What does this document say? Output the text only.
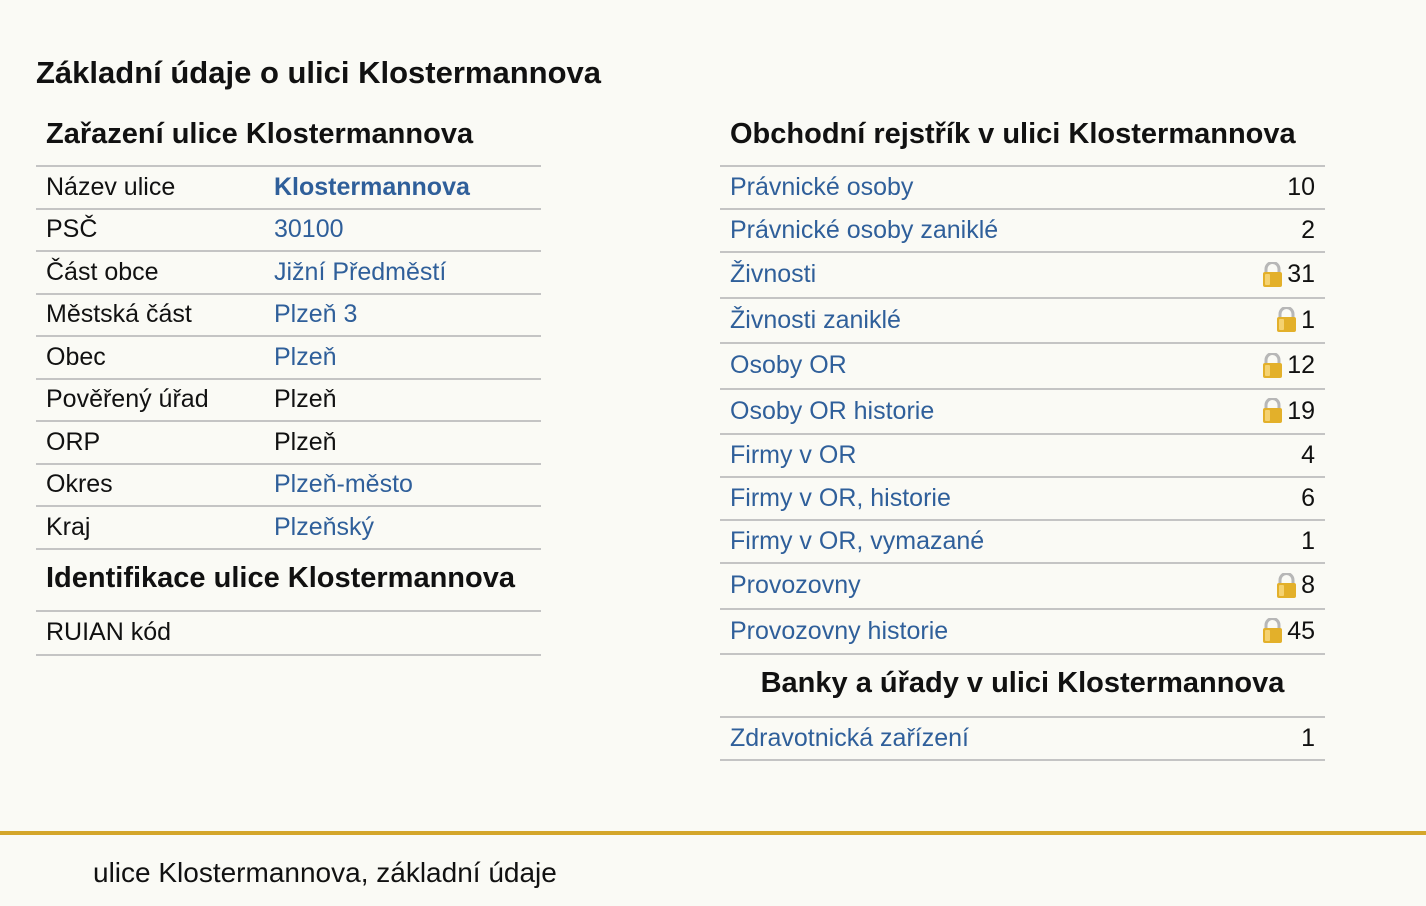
Základní údaje o ulici Klostermannova
Zařazení ulice Klostermannova
Název ulice	Klostermannova
PSČ	30100
Část obce	Jižní Předměstí
Městská část	Plzeň 3
Obec	Plzeň
Pověřený úřad	Plzeň
ORP	Plzeň
Okres	Plzeň-město
Kraj	Plzeňský
Identifikace ulice Klostermannova
RUIAN kód
Obchodní rejstřík v ulici Klostermannova
Právnické osoby	10
Právnické osoby zaniklé	2
Živnosti	31
Živnosti zaniklé	1
Osoby OR	12
Osoby OR historie	19
Firmy v OR	4
Firmy v OR, historie	6
Firmy v OR, vymazané	1
Provozovny	8
Provozovny historie	45
Banky a úřady v ulici Klostermannova
Zdravotnická zařízení	1
ulice Klostermannova, základní údaje
